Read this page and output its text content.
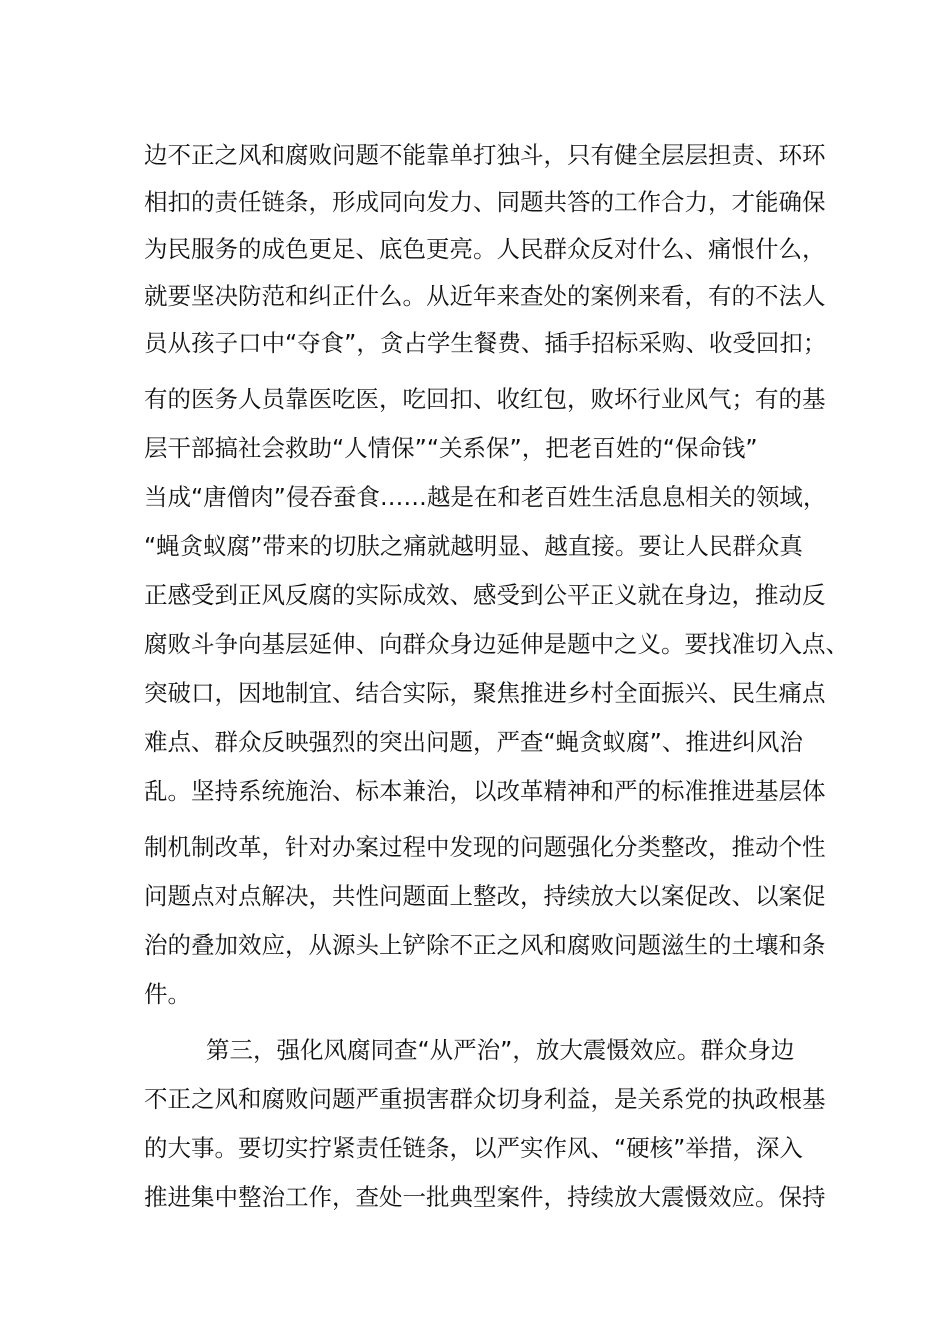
边不正之风和腐败问题不能靠单打独斗，只有健全层层担责、环环

相扣的责任链条，形成同向发力、同题共答的工作合力，才能确保

为民服务的成色更足、底色更亮。人民群众反对什么、痛恨什么，

就要坚决防范和纠正什么。从近年来查处的案例来看，有的不法人

员从孩子口中“夺食”，贪占学生餐费、插手招标采购、收受回扣；

有的医务人员靠医吃医，吃回扣、收红包，败坏行业风气；有的基

层干部搞社会救助“人情保”“关系保”，把老百姓的“保命钱”

当成“唐僧肉”侵吞蚕食……越是在和老百姓生活息息相关的领域，

“蝇贪蚁腐”带来的切肤之痛就越明显、越直接。要让人民群众真

正感受到正风反腐的实际成效、感受到公平正义就在身边，推动反

腐败斗争向基层延伸、向群众身边延伸是题中之义。要找准切入点、

突破口，因地制宜、结合实际，聚焦推进乡村全面振兴、民生痛点

难点、群众反映强烈的突出问题，严查“蝇贪蚁腐”、推进纠风治

乱。坚持系统施治、标本兼治，以改革精神和严的标准推进基层体

制机制改革，针对办案过程中发现的问题强化分类整改，推动个性

问题点对点解决，共性问题面上整改，持续放大以案促改、以案促

治的叠加效应，从源头上铲除不正之风和腐败问题滋生的土壤和条

件。

第三，强化风腐同查“从严治”，放大震慑效应。群众身边

不正之风和腐败问题严重损害群众切身利益，是关系党的执政根基

的大事。要切实拧紧责任链条，以严实作风、“硬核”举措，深入

推进集中整治工作，查处一批典型案件，持续放大震慑效应。保持
